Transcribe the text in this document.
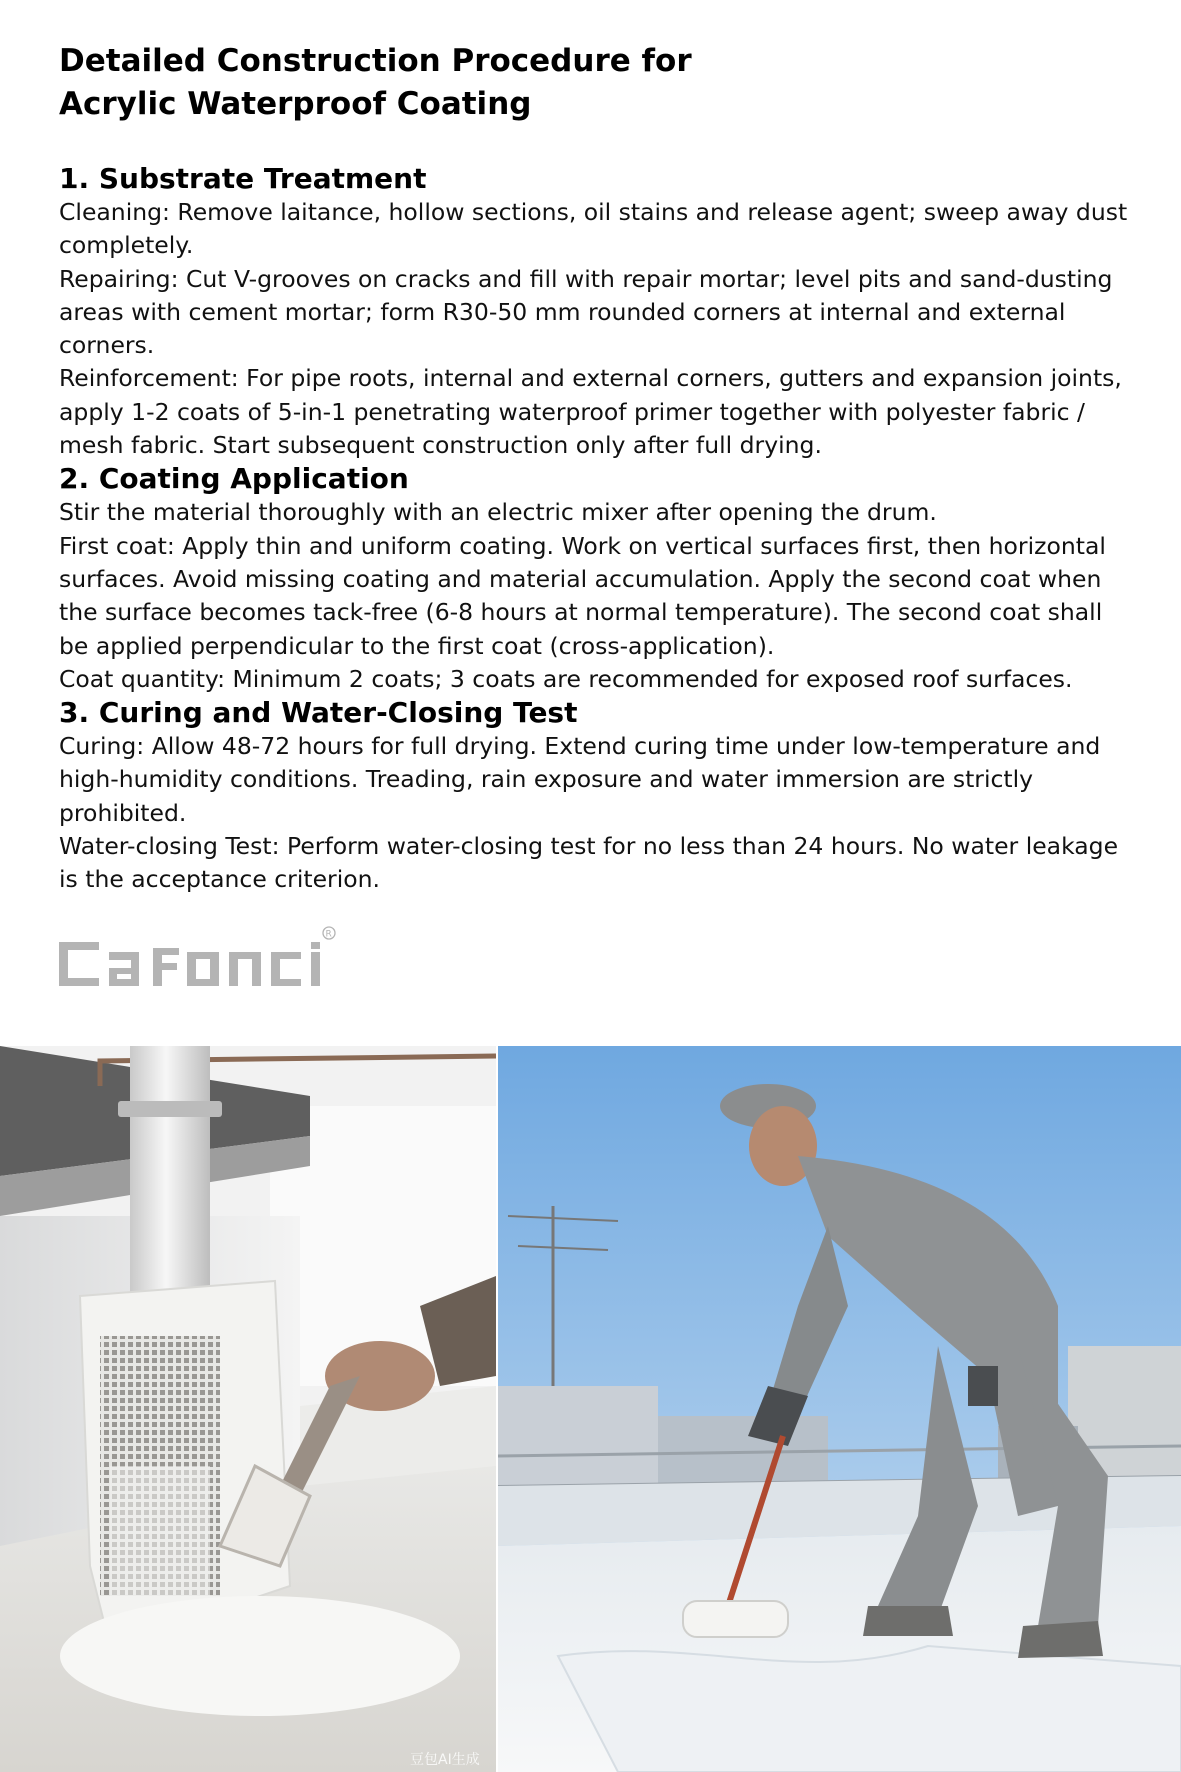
Detailed Construction Procedure for
Acrylic Waterproof Coating
1. Substrate Treatment

Cleaning: Remove laitance, hollow sections, oil stains and release agent; sweep away dust completely.

Repairing: Cut V-grooves on cracks and fill with repair mortar; level pits and sand-dusting areas with cement mortar; form R30-50 mm rounded corners at internal and external corners.

Reinforcement: For pipe roots, internal and external corners, gutters and expansion joints, apply 1-2 coats of 5-in-1 penetrating waterproof primer together with polyester fabric / mesh fabric. Start subsequent construction only after full drying.

2. Coating Application

Stir the material thoroughly with an electric mixer after opening the drum.

First coat: Apply thin and uniform coating. Work on vertical surfaces first, then horizontal surfaces. Avoid missing coating and material accumulation. Apply the second coat when the surface becomes tack-free (6-8 hours at normal temperature). The second coat shall be applied perpendicular to the first coat (cross-application).

Coat quantity: Minimum 2 coats; 3 coats are recommended for exposed roof surfaces.

3. Curing and Water-Closing Test

Curing: Allow 48-72 hours for full drying. Extend curing time under low-temperature and high-humidity conditions. Treading, rain exposure and water immersion are strictly prohibited.

Water-closing Test: Perform water-closing test for no less than 24 hours. No water leakage is the acceptance criterion.

R
豆包AI生成
